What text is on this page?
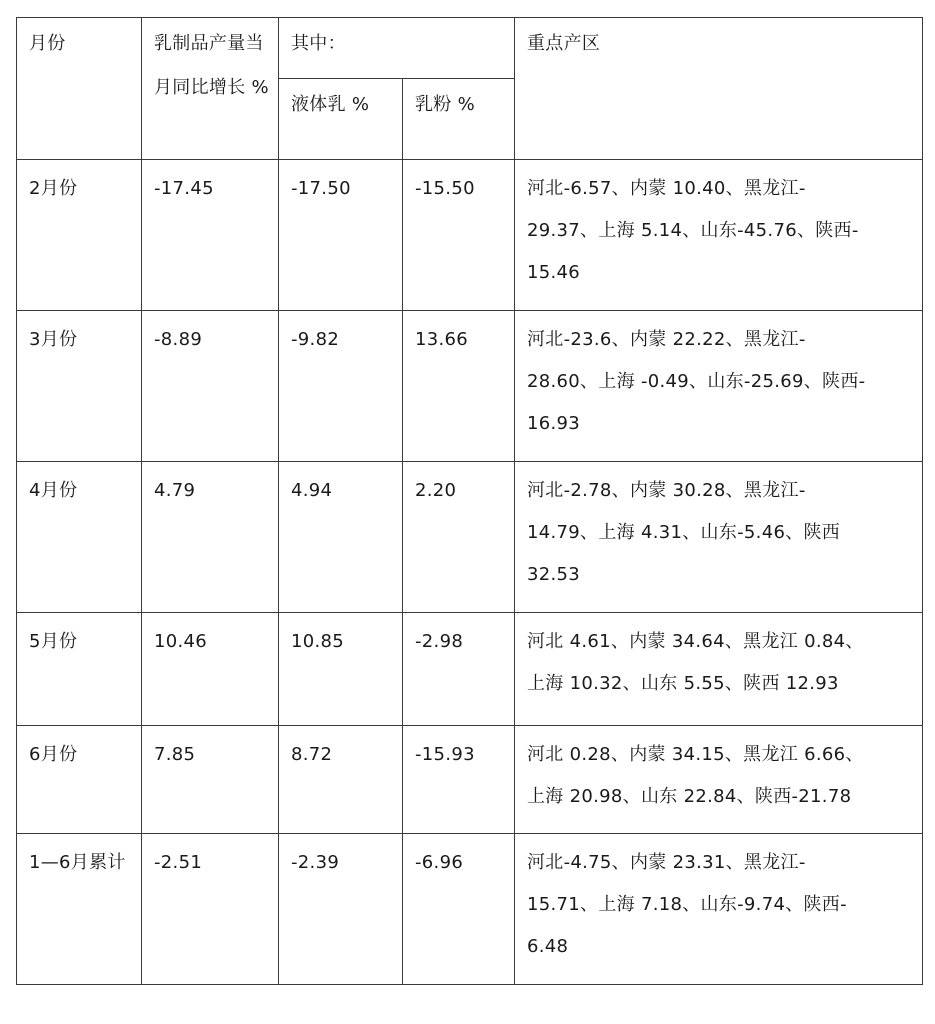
月份	乳制品产量当月同比增长 %	其中：		重点产区
		液体乳 %	乳粉 %	
2月份	-17.45	-17.50	-15.50	河北-6.57、内蒙 10.40、黑龙江-
29.37、上海 5.14、山东-45.76、陕西-
15.46
3月份	-8.89	-9.82	13.66	河北-23.6、内蒙 22.22、黑龙江-
28.60、上海 -0.49、山东-25.69、陕西-
16.93
4月份	4.79	4.94	2.20	河北-2.78、内蒙 30.28、黑龙江-
14.79、上海 4.31、山东-5.46、陕西
32.53
5月份	10.46	10.85	-2.98	河北 4.61、内蒙 34.64、黑龙江 0.84、
上海 10.32、山东 5.55、陕西 12.93
6月份	7.85	8.72	-15.93	河北 0.28、内蒙 34.15、黑龙江 6.66、
上海 20.98、山东 22.84、陕西-21.78
1—6月累计	-2.51	-2.39	-6.96	河北-4.75、内蒙 23.31、黑龙江-
15.71、上海 7.18、山东-9.74、陕西-
6.48
